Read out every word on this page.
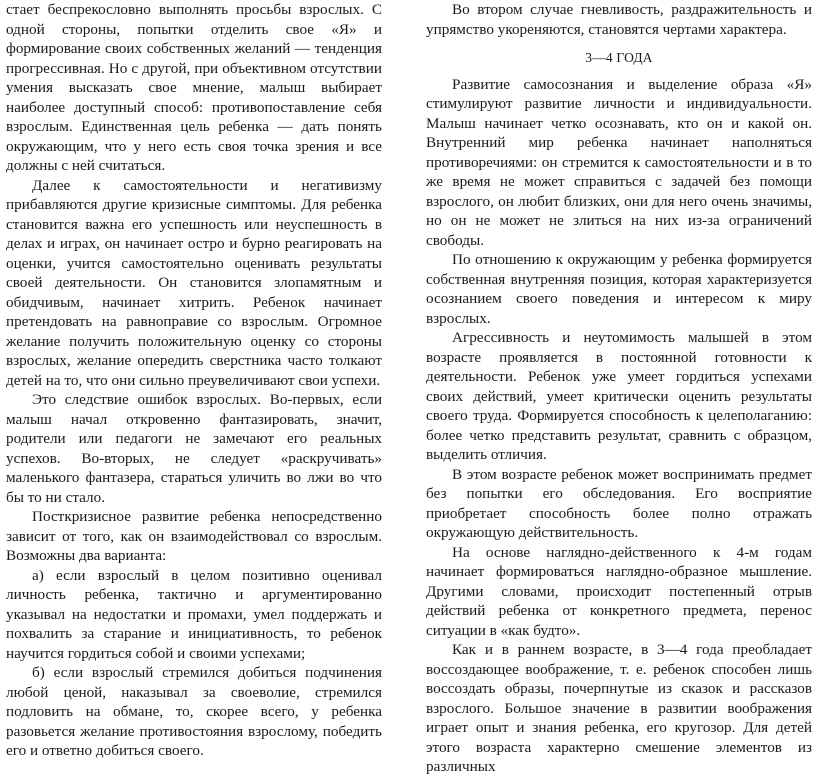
стает беспрекословно выполнять просьбы взрослых. С одной стороны, попытки отделить свое «Я» и формирование своих собственных желаний — тенденция прогрессивная. Но с другой, при объективном отсутствии умения высказать свое мнение, малыш выбирает наиболее доступный способ: противопоставление себя взрослым. Единственная цель ребенка — дать понять окружающим, что у него есть своя точка зрения и все должны с ней считаться.

Далее к самостоятельности и негативизму прибавляются другие кризисные симптомы. Для ребенка становится важна его успешность или неуспешность в делах и играх, он начинает остро и бурно реагировать на оценки, учится самостоятельно оценивать результаты своей деятельности. Он становится злопамятным и обидчивым, начинает хитрить. Ребенок начинает претендовать на равноправие со взрослым. Огромное желание получить положительную оценку со стороны взрослых, желание опередить сверстника часто толкают детей на то, что они сильно преувеличивают свои успехи.

Это следствие ошибок взрослых. Во-первых, если малыш начал откровенно фантазировать, значит, родители или педагоги не замечают его реальных успехов. Во-вторых, не следует «раскручивать» маленького фантазера, стараться уличить во лжи во что бы то ни стало.

Посткризисное развитие ребенка непосредственно зависит от того, как он взаимодействовал со взрослым. Возможны два варианта:

а) если взрослый в целом позитивно оценивал личность ребенка, тактично и аргументированно указывал на недостатки и промахи, умел поддержать и похвалить за старание и инициативность, то ребенок научится гордиться собой и своими успехами;

б) если взрослый стремился добиться подчинения любой ценой, наказывал за своеволие, стремился подловить на обмане, то, скорее всего, у ребенка разовьется желание противостояния взрослому, победить его и ответно добиться своего.

Во втором случае гневливость, раздражительность и упрямство укореняются, становятся чертами характера.

3—4 ГОДА

Развитие самосознания и выделение образа «Я» стимулируют развитие личности и индивидуальности. Малыш начинает четко осознавать, кто он и какой он. Внутренний мир ребенка начинает наполняться противоречиями: он стремится к самостоятельности и в то же время не может справиться с задачей без помощи взрослого, он любит близких, они для него очень значимы, но он не может не злиться на них из-за ограничений свободы.

По отношению к окружающим у ребенка формируется собственная внутренняя позиция, которая характеризуется осознанием своего поведения и интересом к миру взрослых.

Агрессивность и неутомимость малышей в этом возрасте проявляется в постоянной готовности к деятельности. Ребенок уже умеет гордиться успехами своих действий, умеет критически оценить результаты своего труда. Формируется способность к целеполаганию: более четко представить результат, сравнить с образцом, выделить отличия.

В этом возрасте ребенок может воспринимать предмет без попытки его обследования. Его восприятие приобретает способность более полно отражать окружающую действительность.

На основе наглядно-действенного к 4-м годам начинает формироваться наглядно-образное мышление. Другими словами, происходит постепенный отрыв действий ребенка от конкретного предмета, перенос ситуации в «как будто».

Как и в раннем возрасте, в 3—4 года преобладает воссоздающее воображение, т. е. ребенок способен лишь воссоздать образы, почерпнутые из сказок и рассказов взрослого. Большое значение в развитии воображения играет опыт и знания ребенка, его кругозор. Для детей этого возраста характерно смешение элементов из различных
